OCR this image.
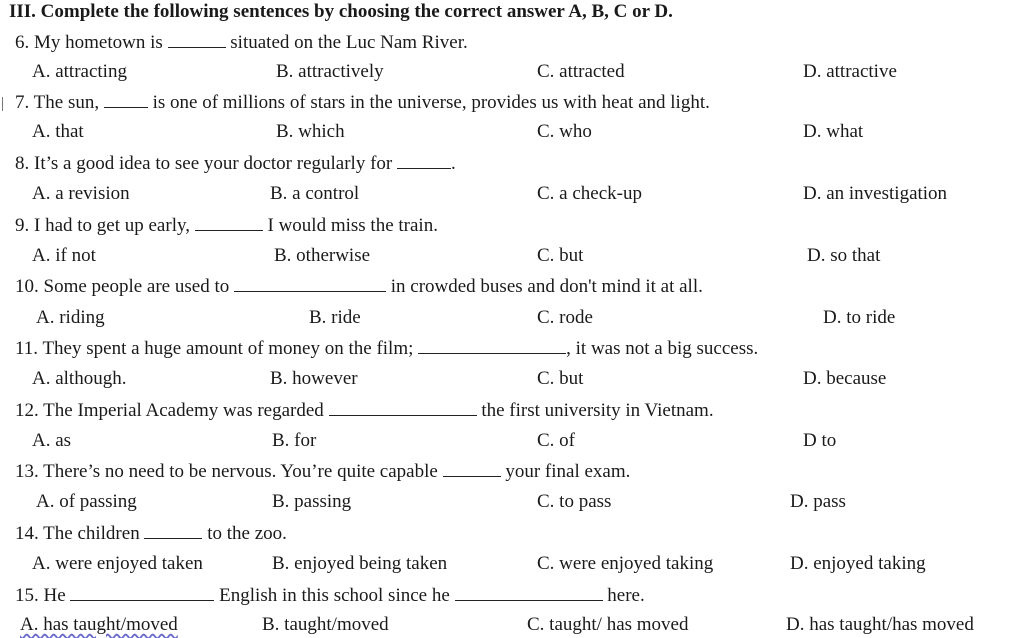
III. Complete the following sentences by choosing the correct answer A, B, C or D.
6. My hometown is	situated on the Luc Nam River.
A. attracting	B. attractively	C. attracted	D. attractive
7. The sun,  is one of millions of stars in the universe, provides us with heat and light.
A. that	B. which	C. who	D. what
8. It’s a good idea to see your doctor regularly for	.
A. a revision	B. a control	C. a check-up	D. an investigation
9. I had to get up early,	I would miss the train.
A. if not	B. otherwise	C. but	D. so that
10. Some people are used to	in crowded buses and don't mind it at all.
A. riding	B. ride	C. rode	D. to ride
11. They spent a huge amount of money on the film;	, it was not a big success.
A. although.	B. however	C. but	D. because
12. The Imperial Academy was regarded	the first university in Vietnam.
A. as	B. for	C. of	D to
13. There’s no need to be nervous. You’re quite capable	your final exam.
A. of passing	B. passing	C. to pass	D. pass
14. The children	to the zoo.
A. were enjoyed taken	B. enjoyed being taken	C. were enjoyed taking	D. enjoyed taking
15. He	English in this school since he	here.
A. has taught/moved	B. taught/moved	C. taught/ has moved	D. has taught/has moved
